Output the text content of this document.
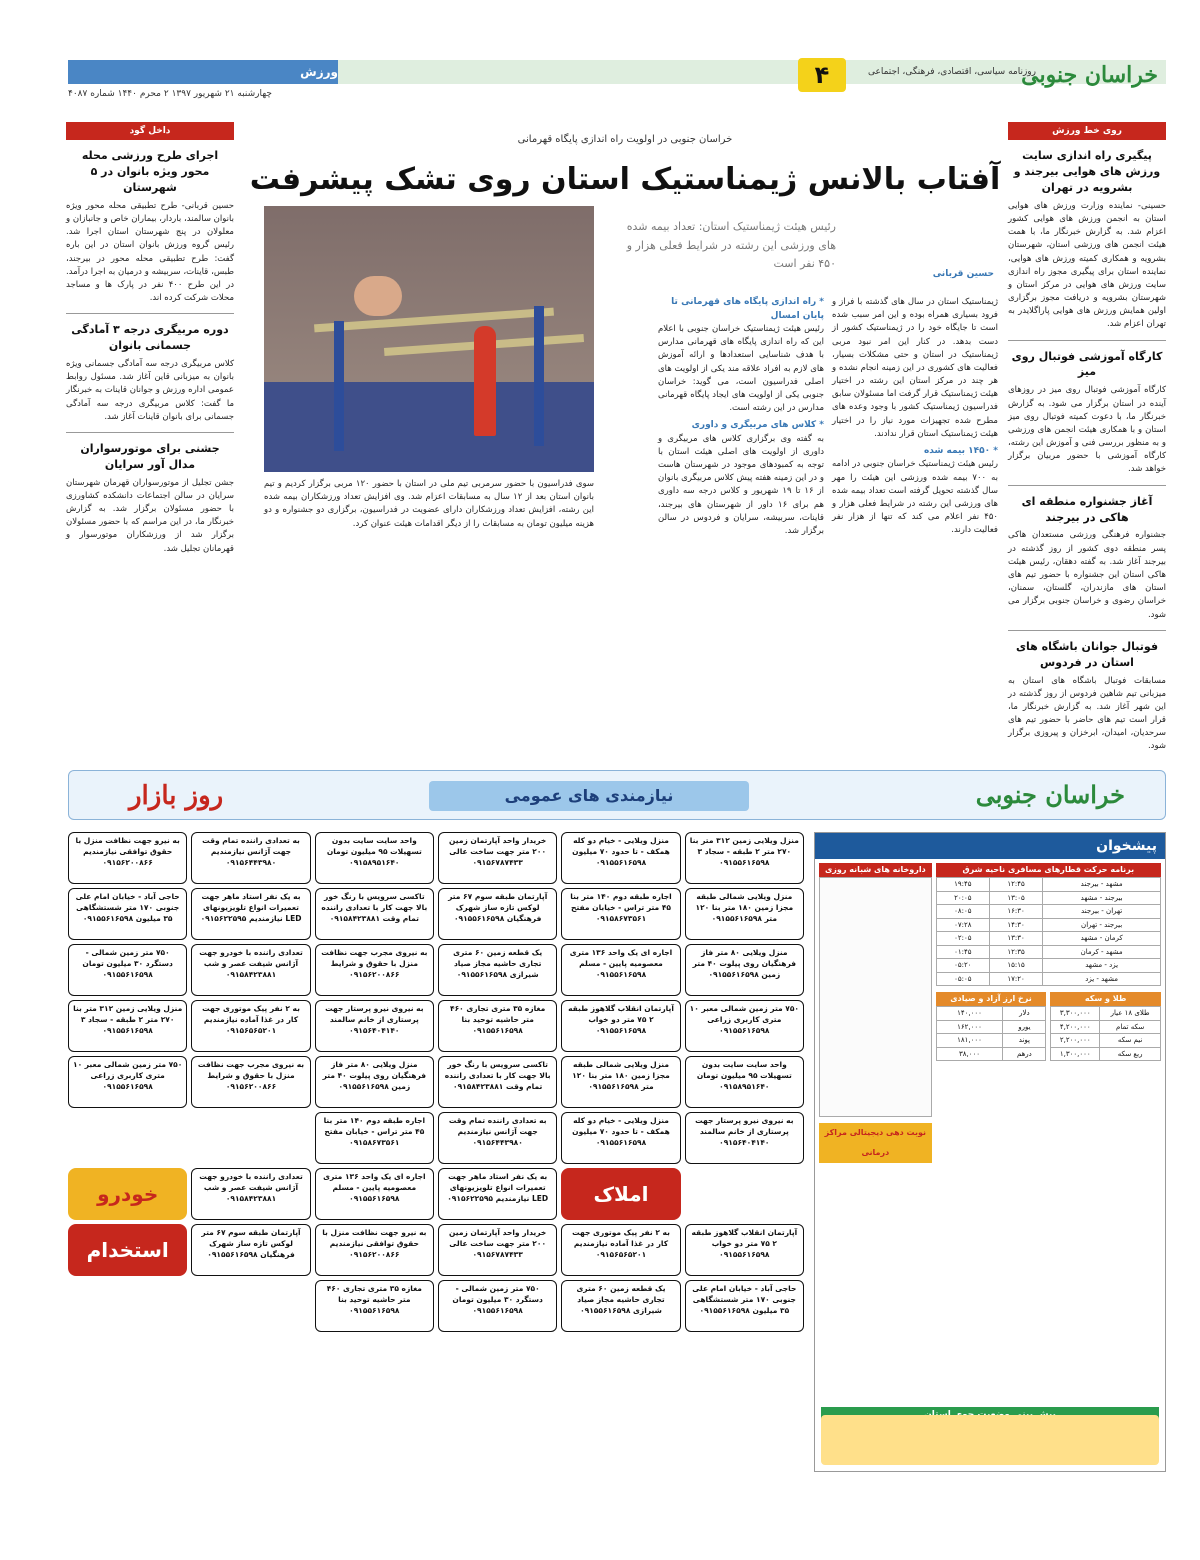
ورزش	۴	خراسان جنوبی
روزنامه سیاسی، اقتصادی، فرهنگی، اجتماعی
چهارشنبه ۲۱ شهریور ۱۳۹۷ ۲ محرم ۱۴۴۰ شماره ۴۰۸۷
روی خط ورزش
پیگیری راه اندازی سایت ورزش های هوایی بیرجند و بشرویه در تهران
حسینی- نماینده وزارت ورزش های هوایی استان به انجمن ورزش های هوایی کشور اعزام شد. به گزارش خبرنگار ما، با همت هیئت انجمن های ورزشی استان، شهرستان بشرویه و همکاری کمیته ورزش های هوایی، نماینده استان برای پیگیری مجوز راه اندازی سایت ورزش های هوایی در مرکز استان و شهرستان بشرویه و دریافت مجوز برگزاری اولین همایش ورزش های هوایی پاراگلایدر به تهران اعزام شد.
کارگاه آموزشی فوتبال روی میز
کارگاه آموزشی فوتبال روی میز در روزهای آینده در استان برگزار می شود. به گزارش خبرنگار ما، با دعوت کمیته فوتبال روی میز استان و با همکاری هیئت انجمن های ورزشی و به منظور بررسی فنی و آموزش این رشته، کارگاه آموزشی با حضور مربیان برگزار خواهد شد.
آغاز جشنواره منطقه ای هاکی در بیرجند
جشنواره فرهنگی ورزشی مستعدان هاکی پسر منطقه دوی کشور از روز گذشته در بیرجند آغاز شد. به گفته دهقان، رئیس هیئت هاکی استان این جشنواره با حضور تیم های استان های مازندران، گلستان، سمنان، خراسان رضوی و خراسان جنوبی برگزار می شود.
فوتبال جوانان باشگاه های استان در فردوس
مسابقات فوتبال باشگاه های استان به میزبانی تیم شاهین فردوس از روز گذشته در این شهر آغاز شد. به گزارش خبرنگار ما، قرار است تیم های حاضر با حضور تیم های سرحدیان، امیدان، ابرخزان و پیروزی برگزار شود.
داخل گود
اجرای طرح ورزشی محله محور ویژه بانوان در ۵ شهرستان
حسین قربانی- طرح تطبیقی محله محور ویژه بانوان سالمند، باردار، بیماران خاص و جانبازان و معلولان در پنج شهرستان استان اجرا شد. رئیس گروه ورزش بانوان استان در این باره گفت: طرح تطبیقی محله محور در بیرجند، طبس، قاینات، سربیشه و درمیان به اجرا درآمد. در این طرح ۴۰۰ نفر در پارک ها و مساجد محلات شرکت کرده اند.
دوره مربیگری درجه ۳ آمادگی جسمانی بانوان
کلاس مربیگری درجه سه آمادگی جسمانی ویژه بانوان به میزبانی قاین آغاز شد. مسئول روابط عمومی اداره ورزش و جوانان قاینات به خبرنگار ما گفت: کلاس مربیگری درجه سه آمادگی جسمانی برای بانوان قاینات آغاز شد.
جشنی برای موتورسواران مدال آور سرایان
جشن تجلیل از موتورسواران قهرمان شهرستان سرایان در سالن اجتماعات دانشکده کشاورزی با حضور مسئولان برگزار شد. به گزارش خبرنگار ما، در این مراسم که با حضور مسئولان برگزار شد از ورزشکاران موتورسوار و قهرمانان تجلیل شد.
خراسان جنوبی در اولویت راه اندازی پایگاه قهرمانی
آفتاب بالانس ژیمناستیک استان روی تشک پیشرفت
رئیس هیئت ژیمناستیک استان: تعداد بیمه شده های ورزشی این رشته در شرایط فعلی هزار و ۴۵۰ نفر است
حسین قربانی
ژیمناستیک استان در سال های گذشته با فراز و فرود بسیاری همراه بوده و این امر سبب شده است تا جایگاه خود را در ژیمناستیک کشور از دست بدهد. در کنار این امر نبود مربی ژیمناستیک در استان و حتی مشکلات بسیار، فعالیت های کشوری در این زمینه انجام نشده و هر چند در مرکز استان این رشته در اختیار هیئت ژیمناستیک قرار گرفت اما مسئولان سابق فدراسیون ژیمناستیک کشور با وجود وعده های مطرح شده تجهیزات مورد نیاز را در اختیار هیئت ژیمناستیک استان قرار ندادند.
* ۱۴۵۰ بیمه شده
رئیس هیئت ژیمناستیک خراسان جنوبی در ادامه به ۷۰۰ بیمه شده ورزشی این هیئت را مهر سال گذشته تحویل گرفته است تعداد بیمه شده های ورزشی این رشته در شرایط فعلی هزار و ۴۵۰ نفر اعلام می کند که تنها از هزار نفر فعالیت دارند.
* راه اندازی پایگاه های قهرمانی تا پایان امسال
رئیس هیئت ژیمناستیک خراسان جنوبی با اعلام این که راه اندازی پایگاه های قهرمانی مدارس با هدف شناسایی استعدادها و ارائه آموزش های لازم به افراد علاقه مند یکی از اولویت های اصلی فدراسیون است، می گوید: خراسان جنوبی یکی از اولویت های ایجاد پایگاه قهرمانی مدارس در این رشته است.
* کلاس های مربیگری و داوری
به گفته وی برگزاری کلاس های مربیگری و داوری از اولویت های اصلی هیئت استان با توجه به کمبودهای موجود در شهرستان هاست و در این زمینه هفته پیش کلاس مربیگری بانوان از ۱۶ تا ۱۹ شهریور و کلاس درجه سه داوری هم برای ۱۶ داور از شهرستان های بیرجند، قاینات، سربیشه، سرایان و فردوس در سالن برگزار شد.
سوی فدراسیون با حضور سرمربی تیم ملی در استان با حضور ۱۲۰ مربی برگزار کردیم و تیم بانوان استان بعد از ۱۲ سال به مسابقات اعزام شد. وی افزایش تعداد ورزشکاران بیمه شده این رشته، افزایش تعداد ورزشکاران دارای عضویت در فدراسیون، برگزاری دو جشنواره و دو هزینه میلیون تومان به مسابقات را از دیگر اقدامات هیئت عنوان کرد.
روز بازار	نیازمندی های عمومی	خراسان جنوبی
منزل ویلایی زمین ۳۱۲ متر بنا ۲۷۰ متر ۲ طبقه - سجاد ۳ ۰۹۱۵۵۶۱۶۵۹۸
منزل ویلایی - خیام دو کله همکف - تا حدود ۷۰ میلیون ۰۹۱۵۵۶۱۶۵۹۸
خریدار واحد آپارتمان زمین ۲۰۰ متر جهت ساخت عالی ۰۹۱۵۶۷۸۷۴۳۳
واحد سایت سایت بدون تسهیلات ۹۵ میلیون تومان ۰۹۱۵۸۹۵۱۶۴۰
به تعدادی راننده تمام وقت جهت آژانس نیازمندیم ۰۹۱۵۶۴۴۳۹۸۰
به نیرو جهت نظافت منزل با حقوق توافقی نیازمندیم ۰۹۱۵۶۲۰۰۸۶۶
منزل ویلایی شمالی طبقه مجزا زمین ۱۸۰ متر بنا ۱۲۰ متر ۰۹۱۵۵۶۱۶۵۹۸
اجاره طبقه دوم ۱۴۰ متر بنا ۴۵ متر تراس - خیابان مفتح ۰۹۱۵۸۶۷۳۵۶۱
آپارتمان طبقه سوم ۶۷ متر لوکس تازه ساز شهرک فرهنگیان ۰۹۱۵۵۶۱۶۵۹۸
تاکسی سرویس با رنگ خور بالا جهت کار با تعدادی راننده تمام وقت ۰۹۱۵۸۴۲۳۸۸۱
به یک نفر استاد ماهر جهت تعمیرات انواع تلویزیونهای LED نیازمندیم ۰۹۱۵۶۲۲۵۹۵
حاجی آباد - خیابان امام علی جنوبی ۱۷۰ متر شستشگاهی ۳۵ میلیون ۰۹۱۵۵۶۱۶۵۹۸
منزل ویلایی ۸۰ متر فاز فرهنگیان روی پیلوت ۴۰ متر زمین ۰۹۱۵۵۶۱۶۵۹۸
اجاره ای یک واحد ۱۳۶ متری معصومیه پایین - مسلم ۰۹۱۵۵۶۱۶۵۹۸
یک قطعه زمین ۶۰ متری تجاری حاشیه مجاز صیاد شیرازی ۰۹۱۵۵۶۱۶۵۹۸
به نیروی مجرب جهت نظافت منزل با حقوق و شرایط ۰۹۱۵۶۲۰۰۸۶۶
تعدادی راننده با خودرو جهت آژانس شیفت عصر و شب ۰۹۱۵۸۴۲۳۸۸۱
۷۵۰ متر زمین شمالی - دستگرد ۳۰ میلیون تومان ۰۹۱۵۵۶۱۶۵۹۸
۷۵۰ متر زمین شمالی معبر ۱۰ متری کاربری زراعی ۰۹۱۵۵۶۱۶۵۹۸
آپارتمان انقلاب گلاهوز طبقه ۲ ۷۵ متر دو خواب ۰۹۱۵۵۶۱۶۵۹۸
مغازه ۳۵ متری تجاری ۴۶۰ متر حاشیه توحید بنا ۰۹۱۵۵۶۱۶۵۹۸
به نیروی نیرو پرستار جهت پرستاری از خانم سالمند ۰۹۱۵۶۴۰۴۱۴۰
به ۲ نفر پیک موتوری جهت کار در غذا آماده نیازمندیم ۰۹۱۵۶۵۶۵۲۰۱
منزل ویلایی زمین ۳۱۲ متر بنا ۲۷۰ متر ۲ طبقه - سجاد ۳ ۰۹۱۵۵۶۱۶۵۹۸
واحد سایت سایت بدون تسهیلات ۹۵ میلیون تومان ۰۹۱۵۸۹۵۱۶۴۰
منزل ویلایی شمالی طبقه مجزا زمین ۱۸۰ متر بنا ۱۲۰ متر ۰۹۱۵۵۶۱۶۵۹۸
تاکسی سرویس با رنگ خور بالا جهت کار با تعدادی راننده تمام وقت ۰۹۱۵۸۴۲۳۸۸۱
منزل ویلایی ۸۰ متر فاز فرهنگیان روی پیلوت ۴۰ متر زمین ۰۹۱۵۵۶۱۶۵۹۸
به نیروی مجرب جهت نظافت منزل با حقوق و شرایط ۰۹۱۵۶۲۰۰۸۶۶
۷۵۰ متر زمین شمالی معبر ۱۰ متری کاربری زراعی ۰۹۱۵۵۶۱۶۵۹۸
به نیروی نیرو پرستار جهت پرستاری از خانم سالمند ۰۹۱۵۶۴۰۴۱۴۰
منزل ویلایی - خیام دو کله همکف - تا حدود ۷۰ میلیون ۰۹۱۵۵۶۱۶۵۹۸
به تعدادی راننده تمام وقت جهت آژانس نیازمندیم ۰۹۱۵۶۴۴۳۹۸۰
اجاره طبقه دوم ۱۴۰ متر بنا ۴۵ متر تراس - خیابان مفتح ۰۹۱۵۸۶۷۳۵۶۱
املاک
به یک نفر استاد ماهر جهت تعمیرات انواع تلویزیونهای LED نیازمندیم ۰۹۱۵۶۲۲۵۹۵
اجاره ای یک واحد ۱۳۶ متری معصومیه پایین - مسلم ۰۹۱۵۵۶۱۶۵۹۸
تعدادی راننده با خودرو جهت آژانس شیفت عصر و شب ۰۹۱۵۸۴۲۳۸۸۱
خودرو
آپارتمان انقلاب گلاهوز طبقه ۲ ۷۵ متر دو خواب ۰۹۱۵۵۶۱۶۵۹۸
به ۲ نفر پیک موتوری جهت کار در غذا آماده نیازمندیم ۰۹۱۵۶۵۶۵۲۰۱
خریدار واحد آپارتمان زمین ۲۰۰ متر جهت ساخت عالی ۰۹۱۵۶۷۸۷۴۳۳
به نیرو جهت نظافت منزل با حقوق توافقی نیازمندیم ۰۹۱۵۶۲۰۰۸۶۶
آپارتمان طبقه سوم ۶۷ متر لوکس تازه ساز شهرک فرهنگیان ۰۹۱۵۵۶۱۶۵۹۸
استخدام
حاجی آباد - خیابان امام علی جنوبی ۱۷۰ متر شستشگاهی ۳۵ میلیون ۰۹۱۵۵۶۱۶۵۹۸
یک قطعه زمین ۶۰ متری تجاری حاشیه مجاز صیاد شیرازی ۰۹۱۵۵۶۱۶۵۹۸
۷۵۰ متر زمین شمالی - دستگرد ۳۰ میلیون تومان ۰۹۱۵۵۶۱۶۵۹۸
مغازه ۳۵ متری تجاری ۴۶۰ متر حاشیه توحید بنا ۰۹۱۵۵۶۱۶۵۹۸
پیشخوان
برنامه حرکت قطارهای مسافری ناحیه شرق
مشهد - بیرجند	۱۲:۴۵	۱۹:۴۵
بیرجند - مشهد	۱۳:۰۵	۲۰:۰۵
تهران - بیرجند	۱۶:۳۰	۰۸:۰۵
بیرجند - تهران	۱۴:۳۰	۰۷:۲۸
کرمان - مشهد	۱۳:۳۰	۰۲:۰۵
مشهد - کرمان	۱۲:۳۵	۰۱:۴۵
یزد - مشهد	۱۵:۱۵	۰۵:۲۰
مشهد - یزد	۱۷:۲۰	۰۵:۰۵
طلا و سکه
طلای ۱۸ عیار	۳,۳۰۰,۰۰۰
سکه تمام	۴,۲۰۰,۰۰۰
نیم سکه	۲,۲۰۰,۰۰۰
ربع سکه	۱,۳۰۰,۰۰۰
نرخ ارز آزاد و صیادی
دلار	۱۴۰,۰۰۰
یورو	۱۶۲,۰۰۰
پوند	۱۸۱,۰۰۰
درهم	۳۸,۰۰۰
داروخانه های شبانه روزی
نوبت دهی دیجیتالی مراکز درمانی
